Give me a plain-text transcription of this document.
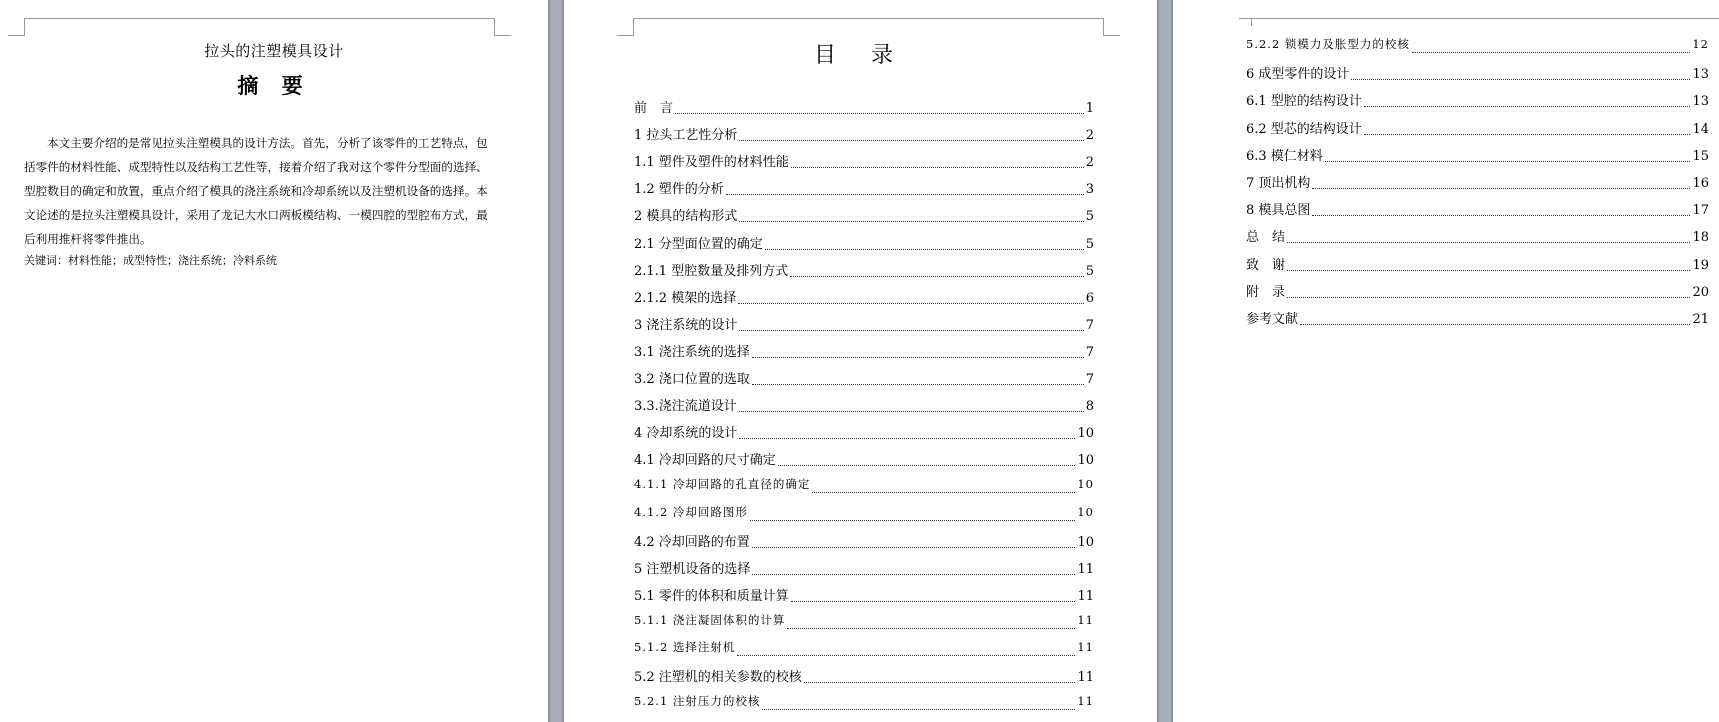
拉头的注塑模具设计
摘 要

本文主要介绍的是常见拉头注塑模具的设计方法。首先，分析了该零件的工艺特点，包括零件的材料性能、成型特性以及结构工艺性等，接着介绍了我对这个零件分型面的选择、型腔数目的确定和放置，重点介绍了模具的浇注系统和冷却系统以及注塑机设备的选择。本文论述的是拉头注塑模具设计，采用了龙记大水口两板模结构、一模四腔的型腔布方式，最后利用推杆将零件推出。

关键词：材料性能；成型特性；浇注系统；冷料系统
目 录
前　言	1
1 拉头工艺性分析	2
1.1 塑件及塑件的材料性能	2
1.2 塑件的分析	3
2 模具的结构形式	5
2.1 分型面位置的确定	5
2.1.1 型腔数量及排列方式	5
2.1.2 模架的选择	6
3 浇注系统的设计	7
3.1 浇注系统的选择	7
3.2 浇口位置的选取	7
3.3.浇注流道设计	8
4 冷却系统的设计	10
4.1 冷却回路的尺寸确定	10
4.1.1 冷却回路的孔直径的确定	10
4.1.2 冷却回路图形	10
4.2 冷却回路的布置	10
5 注塑机设备的选择	11
5.1 零件的体积和质量计算	11
5.1.1 浇注凝固体积的计算	11
5.1.2 选择注射机	11
5.2 注塑机的相关参数的校核	11
5.2.1 注射压力的校核	11
5.2.2 锁模力及胀型力的校核	12
6 成型零件的设计	13
6.1 型腔的结构设计	13
6.2 型芯的结构设计	14
6.3 模仁材料	15
7 顶出机构	16
8 模具总图	17
总　结	18
致　谢	19
附　录	20
参考文献	21
